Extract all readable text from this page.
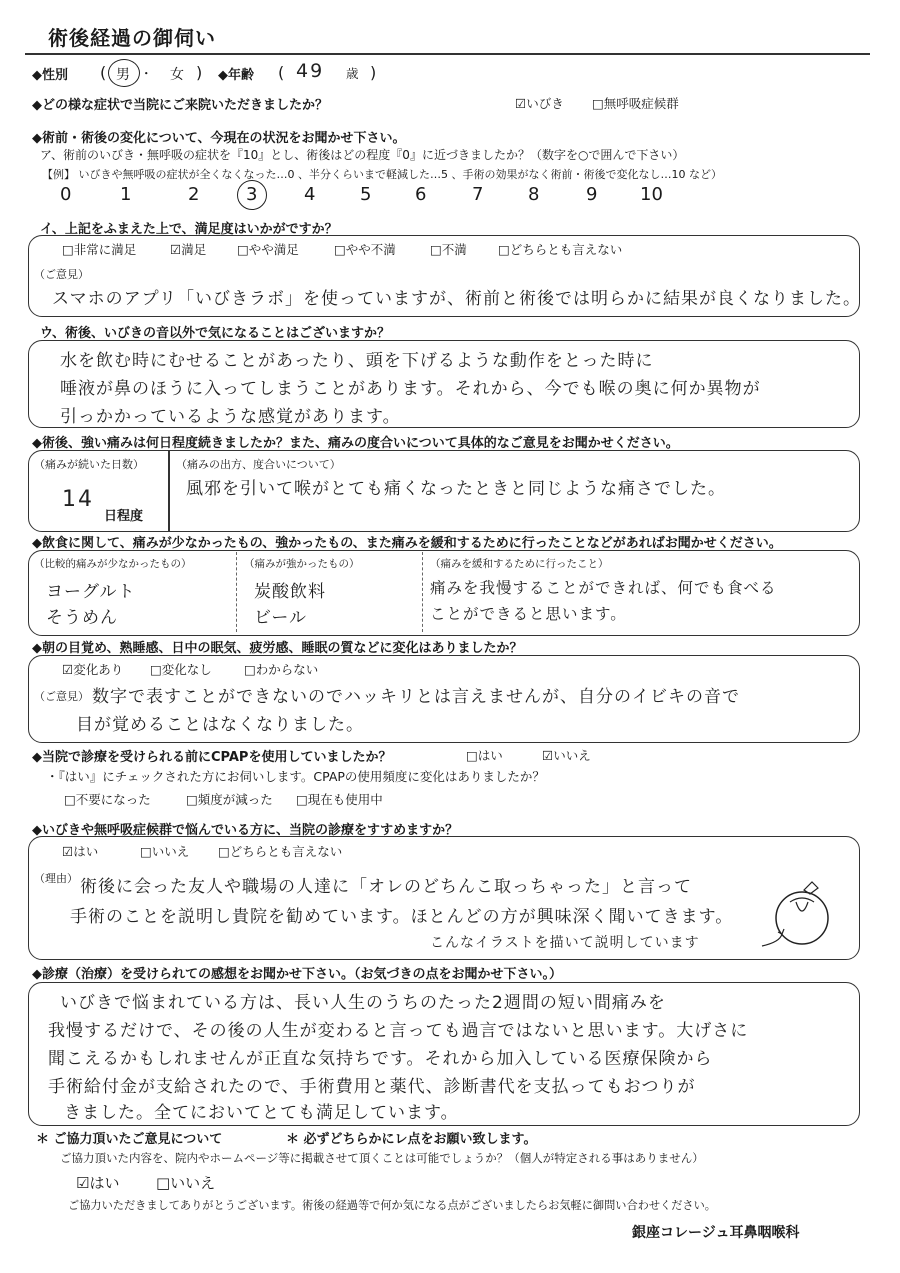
術後経過の御伺い
◆性別 ( 男 ・ 女 ) ◆年齢 ( 49 歳 )
◆どの様な症状で当院にご来院いただきましたか？	☑いびき □無呼吸症候群
◆術前・術後の変化について、今現在の状況をお聞かせ下さい。
ア、術前のいびき・無呼吸の症状を『10』とし、術後はどの程度『0』に近づきましたか？（数字を○で囲んで下さい）
【例】 いびきや無呼吸の症状が全くなくなった…0 、半分くらいまで軽減した…5 、手術の効果がなく術前・術後で変化なし…10 など）
0	1	2	3	4 5 6	7 8	9 10
イ、上記をふまえた上で、満足度はいかがですか？
□非常に満足	☑満足 □やや満足	□やや不満	□不満 □どちらとも言えない
（ご意見）
スマホのアプリ「いびきラボ」を使っていますが、術前と術後では明らかに結果が良くなりました。
ウ、術後、いびきの音以外で気になることはございますか？
水を飲む時にむせることがあったり、頭を下げるような動作をとった時に
唾液が鼻のほうに入ってしまうことがあります。それから、今でも喉の奥に何か異物が
引っかかっているような感覚があります。
◆術後、強い痛みは何日程度続きましたか？また、痛みの度合いについて具体的なご意見をお聞かせください。
（痛みが続いた日数）
14
日程度
（痛みの出方、度合いについて）
風邪を引いて喉がとても痛くなったときと同じような痛さでした。
◆飲食に関して、痛みが少なかったもの、強かったもの、また痛みを緩和するために行ったことなどがあればお聞かせください。
（比較的痛みが少なかったもの）
ヨーグルト
そうめん
（痛みが強かったもの）
炭酸飲料
ビール
（痛みを緩和するために行ったこと）
痛みを我慢することができれば、何でも食べる
ことができると思います。
◆朝の目覚め、熟睡感、日中の眠気、疲労感、睡眠の質などに変化はありましたか？
☑変化あり □変化なし	□わからない
（ご意見） 数字で表すことができないのでハッキリとは言えませんが、自分のイビキの音で
目が覚めることはなくなりました。
◆当院で診療を受けられる前にCPAPを使用していましたか？	□はい	☑いいえ
・『はい』にチェックされた方にお伺いします。CPAPの使用頻度に変化はありましたか？
□不要になった	□頻度が減った □現在も使用中
◆いびきや無呼吸症候群で悩んでいる方に、当院の診療をすすめますか？
☑はい	□いいえ □どちらとも言えない
（理由） 術後に会った友人や職場の人達に「オレのどちんこ取っちゃった」と言って
手術のことを説明し貴院を勧めています。ほとんどの方が興味深く聞いてきます。
こんなイラストを描いて説明しています
◆診療（治療）を受けられての感想をお聞かせ下さい。（お気づきの点をお聞かせ下さい。）
いびきで悩まれている方は、長い人生のうちのたった2週間の短い間痛みを
我慢するだけで、その後の人生が変わると言っても過言ではないと思います。大げさに
聞こえるかもしれませんが正直な気持ちです。それから加入している医療保険から
手術給付金が支給されたので、手術費用と薬代、診断書代を支払ってもおつりが
きました。全てにおいてとても満足しています。
＊ ご協力頂いたご意見について	＊ 必ずどちらかにレ点をお願い致します。
ご協力頂いた内容を、院内やホームページ等に掲載させて頂くことは可能でしょうか？（個人が特定される事はありません）
☑はい □いいえ
ご協力いただきましてありがとうございます。術後の経過等で何か気になる点がございましたらお気軽に御問い合わせください。
銀座コレージュ耳鼻咽喉科
